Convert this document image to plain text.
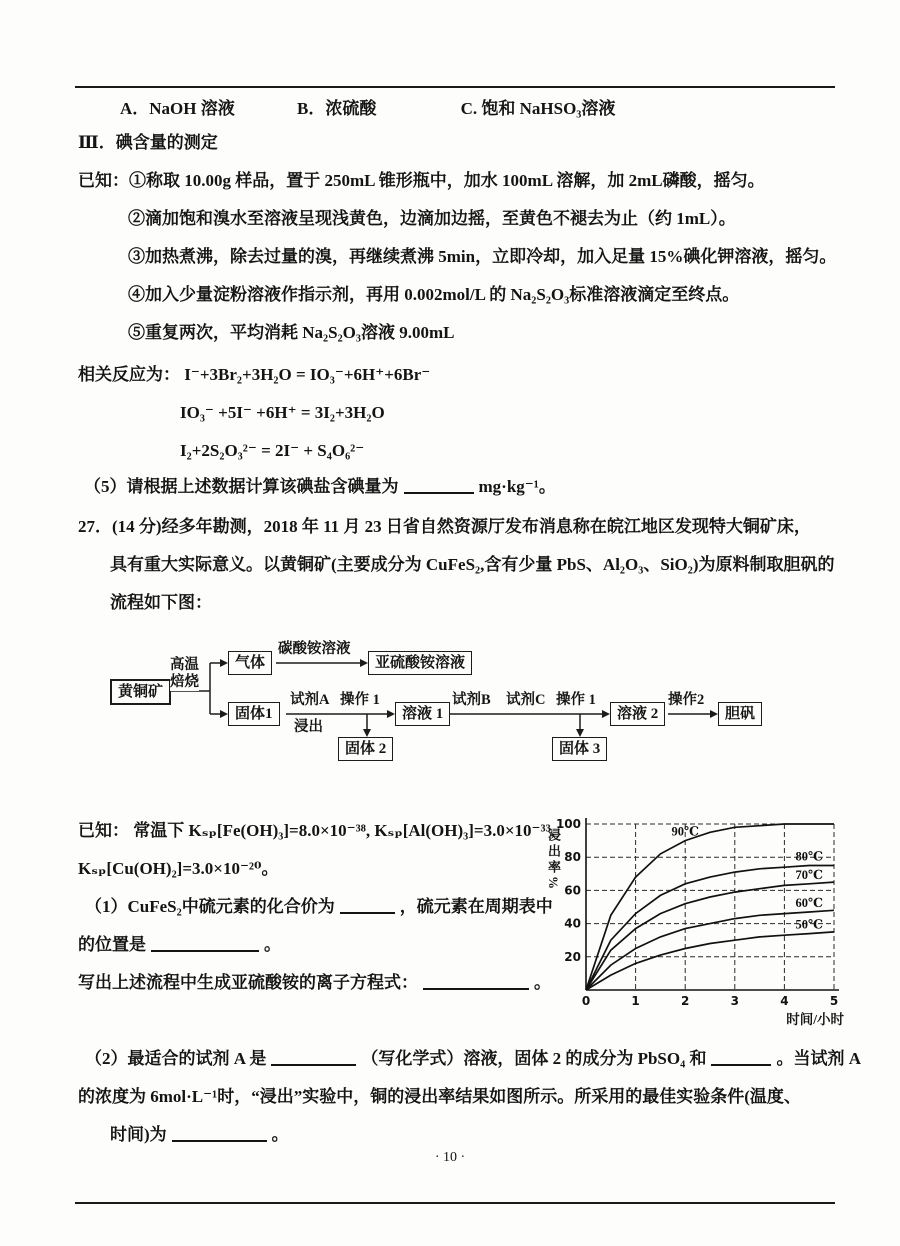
A．NaOH 溶液	B．浓硫酸	C. 饱和 NaHSO₃溶液
Ⅲ．碘含量的测定
已知：①称取 10.00g 样品，置于 250mL 锥形瓶中，加水 100mL 溶解，加 2mL磷酸，摇匀。
②滴加饱和溴水至溶液呈现浅黄色，边滴加边摇，至黄色不褪去为止（约 1mL）。
③加热煮沸，除去过量的溴，再继续煮沸 5min，立即冷却，加入足量 15%碘化钾溶液，摇匀。
④加入少量淀粉溶液作指示剂，再用 0.002mol/L 的 Na₂S₂O₃标准溶液滴定至终点。
⑤重复两次，平均消耗 Na₂S₂O₃溶液 9.00mL
相关反应为： I⁻+3Br₂+3H₂O = IO₃⁻+6H⁺+6Br⁻
IO₃⁻ +5I⁻ +6H⁺ = 3I₂+3H₂O
I₂+2S₂O₃²⁻ = 2I⁻ + S₄O₆²⁻
（5）请根据上述数据计算该碘盐含碘量为	mg·kg⁻¹。
27．(14 分)经多年勘测，2018 年 11 月 23 日省自然资源厅发布消息称在皖江地区发现特大铜矿床，
具有重大实际意义。以黄铜矿(主要成分为 CuFeS₂,含有少量 PbS、Al₂O₃、SiO₂)为原料制取胆矾的
流程如下图：
黄铜矿
高温
焙烧
气体
碳酸铵溶液
亚硫酸铵溶液
固体1
试剂A
浸出
操作 1
溶液 1
固体 2
试剂B 试剂C 操作 1
溶液 2
固体 3
操作2
胆矾
已知： 常温下 Kₛₚ[Fe(OH)₃]=8.0×10⁻³⁸, Kₛₚ[Al(OH)₃]=3.0×10⁻³³,
Kₛₚ[Cu(OH)₂]=3.0×10⁻²⁰。
（1）CuFeS₂中硫元素的化合价为	，硫元素在周期表中
的位置是	。
写出上述流程中生成亚硫酸铵的离子方程式：	。
20
40
60
80
100
0	1	2	3	4	5
90℃
80℃
70℃
60℃
50℃
浸出率%
时间/小时
（2）最适合的试剂 A 是	（写化学式）溶液，固体 2 的成分为 PbSO₄ 和	。当试剂 A
的浓度为 6mol·L⁻¹时，“浸出”实验中，铜的浸出率结果如图所示。所采用的最佳实验条件(温度、
时间)为	。
· 10 ·
